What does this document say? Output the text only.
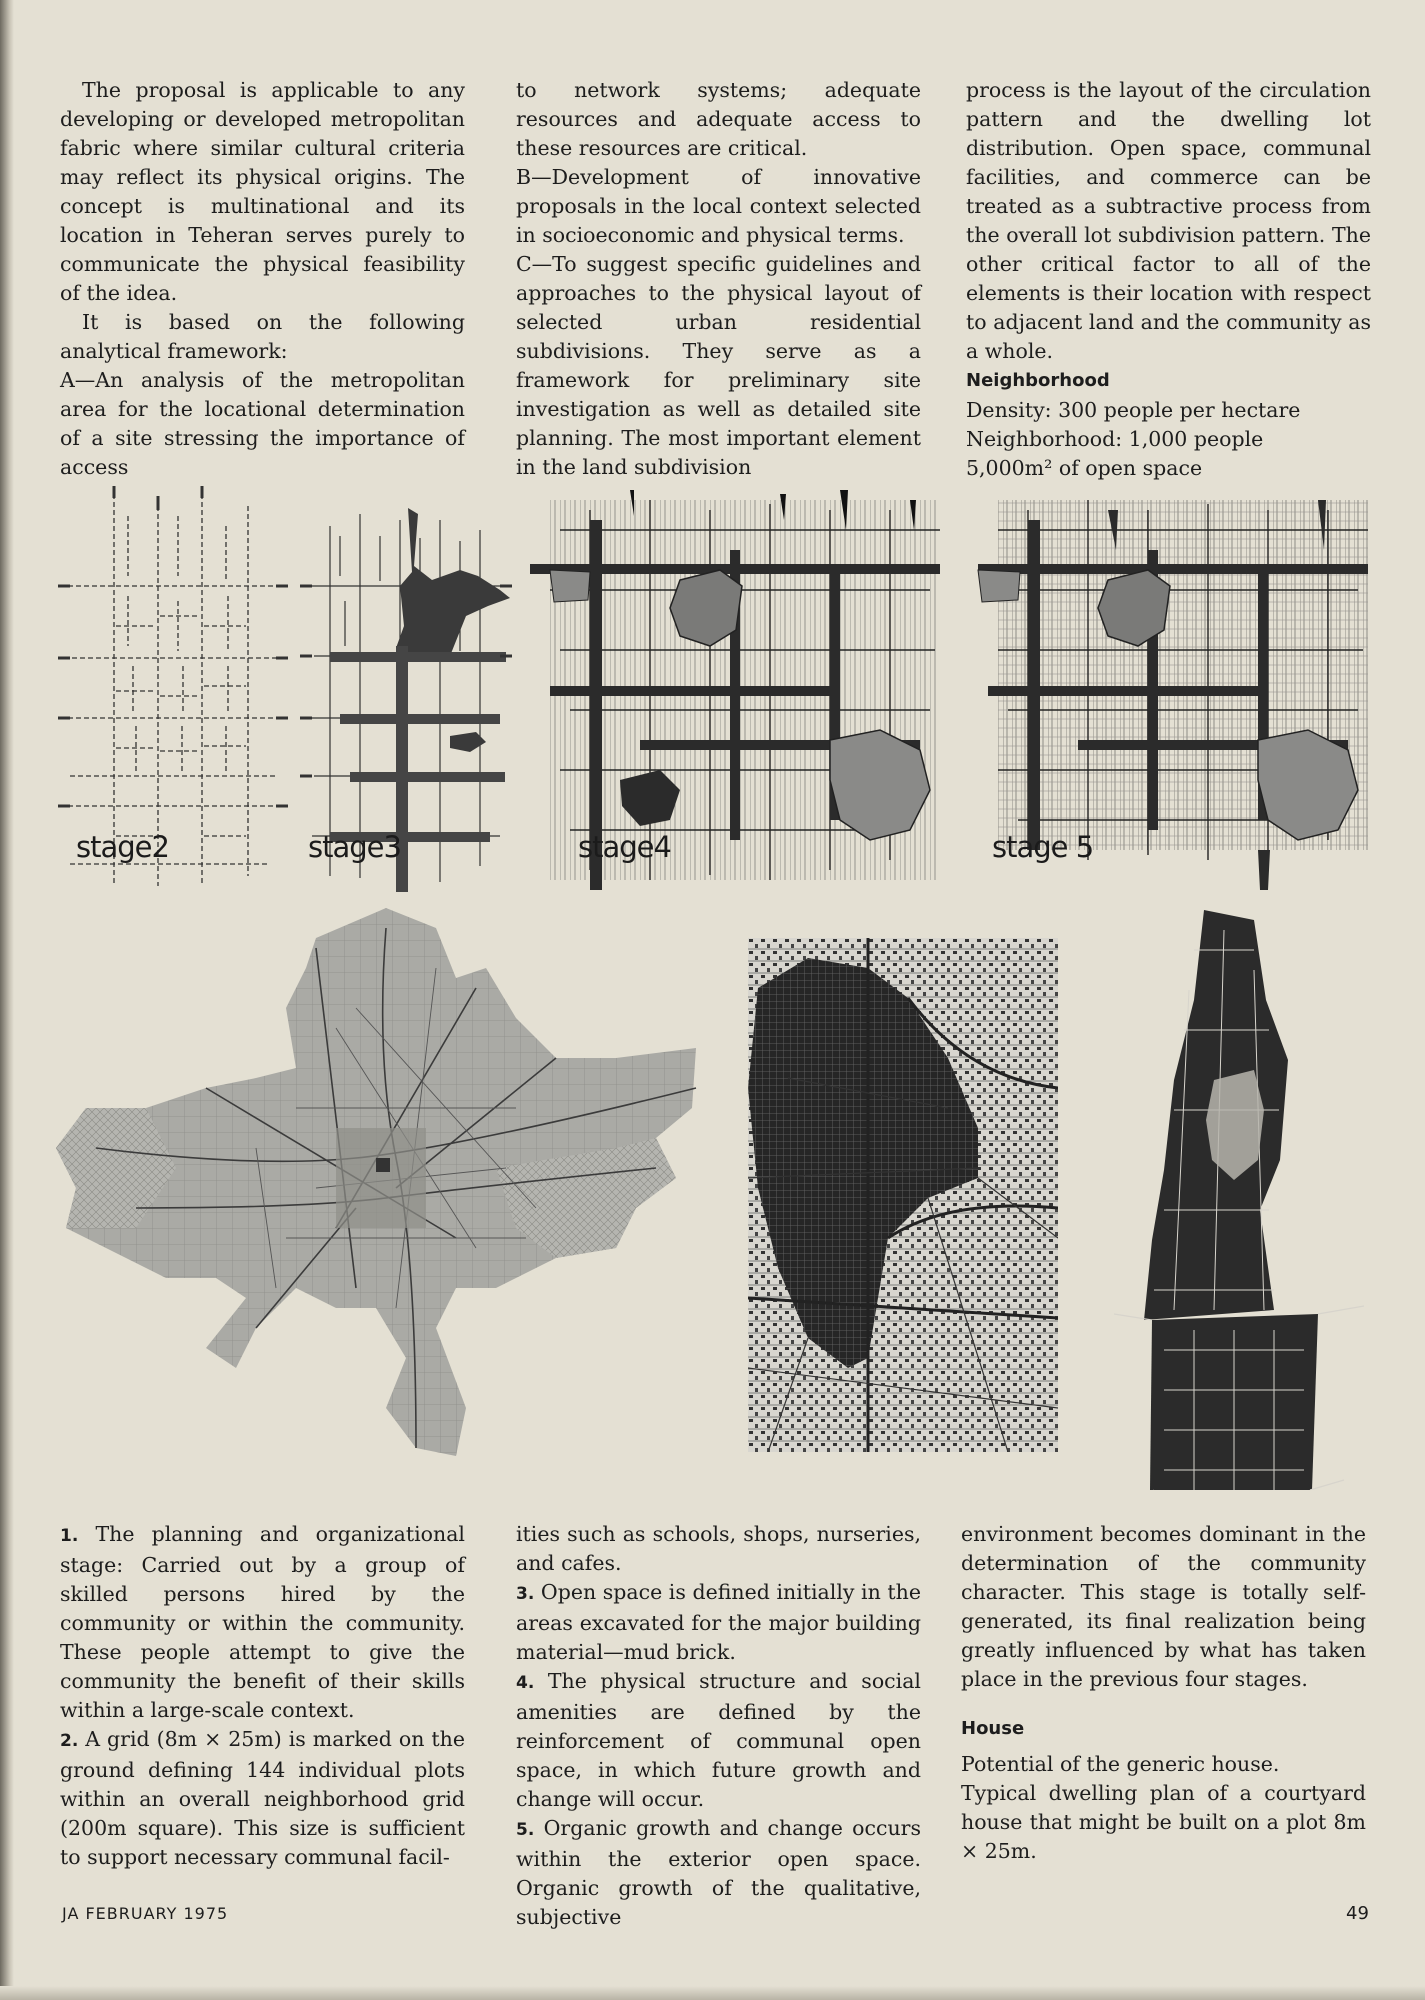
The proposal is applicable to any developing or developed metropolitan fabric where similar cultural criteria may reflect its physical origins. The concept is multinational and its location in Teheran serves purely to communicate the physical feasibility of the idea.

It is based on the following analytical framework:

A—An analysis of the metropolitan area for the locational determination of a site stressing the importance of access

to network systems; adequate resources and adequate access to these resources are critical.

B—Development of innovative proposals in the local context selected in socioeconomic and physical terms.

C—To suggest specific guidelines and approaches to the physical layout of selected urban residential subdivisions. They serve as a framework for preliminary site investigation as well as detailed site planning. The most important element in the land subdivision

process is the layout of the circulation pattern and the dwelling lot distribution. Open space, communal facilities, and commerce can be treated as a subtractive process from the overall lot subdivision pattern. The other critical factor to all of the elements is their location with respect to adjacent land and the community as a whole.

Neighborhood

Density: 300 people per hectare

Neighborhood: 1,000 people

5,000m² of open space

stage2	stage3	stage4	stage 5

1. The planning and organizational stage: Carried out by a group of skilled persons hired by the community or within the community. These people attempt to give the community the benefit of their skills within a large-scale context.

2. A grid (8m × 25m) is marked on the ground defining 144 individual plots within an overall neighborhood grid (200m square). This size is sufficient to support necessary communal facil-

ities such as schools, shops, nurseries, and cafes.

3. Open space is defined initially in the areas excavated for the major building material—mud brick.

4. The physical structure and social amenities are defined by the reinforcement of communal open space, in which future growth and change will occur.

5. Organic growth and change occurs within the exterior open space. Organic growth of the qualitative, subjective

environment becomes dominant in the determination of the community character. This stage is totally self-generated, its final realization being greatly influenced by what has taken place in the previous four stages.

House

Potential of the generic house.

Typical dwelling plan of a courtyard house that might be built on a plot 8m × 25m.

JA FEBRUARY 1975	49
